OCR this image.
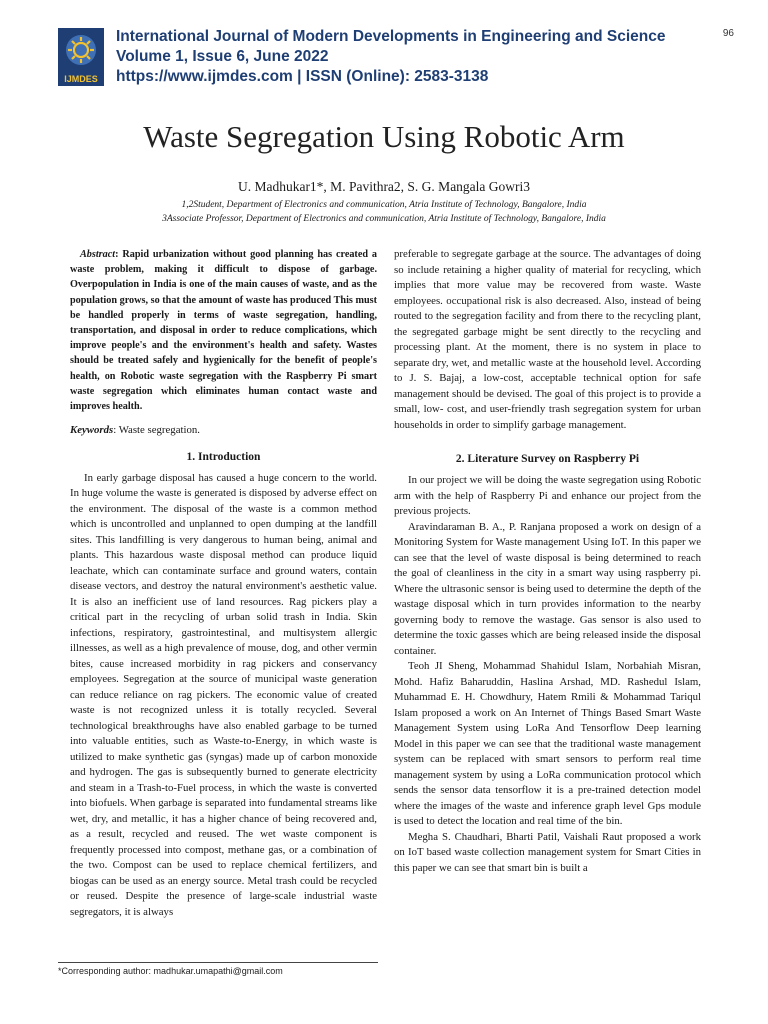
IJMDES
International Journal of Modern Developments in Engineering and Science
Volume 1, Issue 6, June 2022
https://www.ijmdes.com | ISSN (Online): 2583-3138
96
Waste Segregation Using Robotic Arm
U. Madhukar1*, M. Pavithra2, S. G. Mangala Gowri3
1,2Student, Department of Electronics and communication, Atria Institute of Technology, Bangalore, India
3Associate Professor, Department of Electronics and communication, Atria Institute of Technology, Bangalore, India

Abstract: Rapid urbanization without good planning has created a waste problem, making it difficult to dispose of garbage. Overpopulation in India is one of the main causes of waste, and as the population grows, so that the amount of waste has produced This must be handled properly in terms of waste segregation, handling, transportation, and disposal in order to reduce complications, which improve people's and the environment's health and safety. Wastes should be treated safely and hygienically for the benefit of people's health, on Robotic waste segregation with the Raspberry Pi smart waste segregation which eliminates human contact waste and improves health.

Keywords: Waste segregation.

1. Introduction

In early garbage disposal has caused a huge concern to the world. In huge volume the waste is generated is disposed by adverse effect on the environment. The disposal of the waste is a common method which is uncontrolled and unplanned to open dumping at the landfill sites. This landfilling is very dangerous to human being, animal and plants. This hazardous waste disposal method can produce liquid leachate, which can contaminate surface and ground waters, contain disease vectors, and destroy the natural environment's aesthetic value. It is also an inefficient use of land resources. Rag pickers play a critical part in the recycling of urban solid trash in India. Skin infections, respiratory, gastrointestinal, and multisystem allergic illnesses, as well as a high prevalence of mouse, dog, and other vermin bites, cause increased morbidity in rag pickers and conservancy employees. Segregation at the source of municipal waste generation can reduce reliance on rag pickers. The economic value of created waste is not recognized unless it is totally recycled. Several technological breakthroughs have also enabled garbage to be turned into valuable entities, such as Waste-to-Energy, in which waste is utilized to make synthetic gas (syngas) made up of carbon monoxide and hydrogen. The gas is subsequently burned to generate electricity and steam in a Trash-to-Fuel process, in which the waste is converted into biofuels. When garbage is separated into fundamental streams like wet, dry, and metallic, it has a higher chance of being recovered and, as a result, recycled and reused. The wet waste component is frequently processed into compost, methane gas, or a combination of the two. Compost can be used to replace chemical fertilizers, and biogas can be used as an energy source. Metal trash could be recycled or reused. Despite the presence of large-scale industrial waste segregators, it is always

preferable to segregate garbage at the source. The advantages of doing so include retaining a higher quality of material for recycling, which implies that more value may be recovered from waste. Waste employees. occupational risk is also decreased. Also, instead of being routed to the segregation facility and from there to the recycling plant, the segregated garbage might be sent directly to the recycling and processing plant. At the moment, there is no system in place to separate dry, wet, and metallic waste at the household level. According to J. S. Bajaj, a low-cost, acceptable technical option for safe management should be devised. The goal of this project is to provide a small, low- cost, and user-friendly trash segregation system for urban households in order to simplify garbage management.

2. Literature Survey on Raspberry Pi

In our project we will be doing the waste segregation using Robotic arm with the help of Raspberry Pi and enhance our project from the previous projects.

Aravindaraman B. A., P. Ranjana proposed a work on design of a Monitoring System for Waste management Using IoT. In this paper we can see that the level of waste disposal is being determined to reach the goal of cleanliness in the city in a smart way using raspberry pi. Where the ultrasonic sensor is being used to determine the depth of the wastage disposal which in turn provides information to the nearby governing body to remove the wastage. Gas sensor is also used to determine the toxic gasses which are being released inside the disposal container.

Teoh JI Sheng, Mohammad Shahidul Islam, Norbahiah Misran, Mohd. Hafiz Baharuddin, Haslina Arshad, MD. Rashedul Islam, Muhammad E. H. Chowdhury, Hatem Rmili & Mohammad Tariqul Islam proposed a work on An Internet of Things Based Smart Waste Management System using LoRa And Tensorflow Deep learning Model in this paper we can see that the traditional waste management system can be replaced with smart sensors to perform real time management system by using a LoRa communication protocol which sends the sensor data tensorflow it is a pre-trained detection model where the images of the waste and inference graph level Gps module is used to detect the location and real time of the bin.

Megha S. Chaudhari, Bharti Patil, Vaishali Raut proposed a work on IoT based waste collection management system for Smart Cities in this paper we can see that smart bin is built a

*Corresponding author: madhukar.umapathi@gmail.com
